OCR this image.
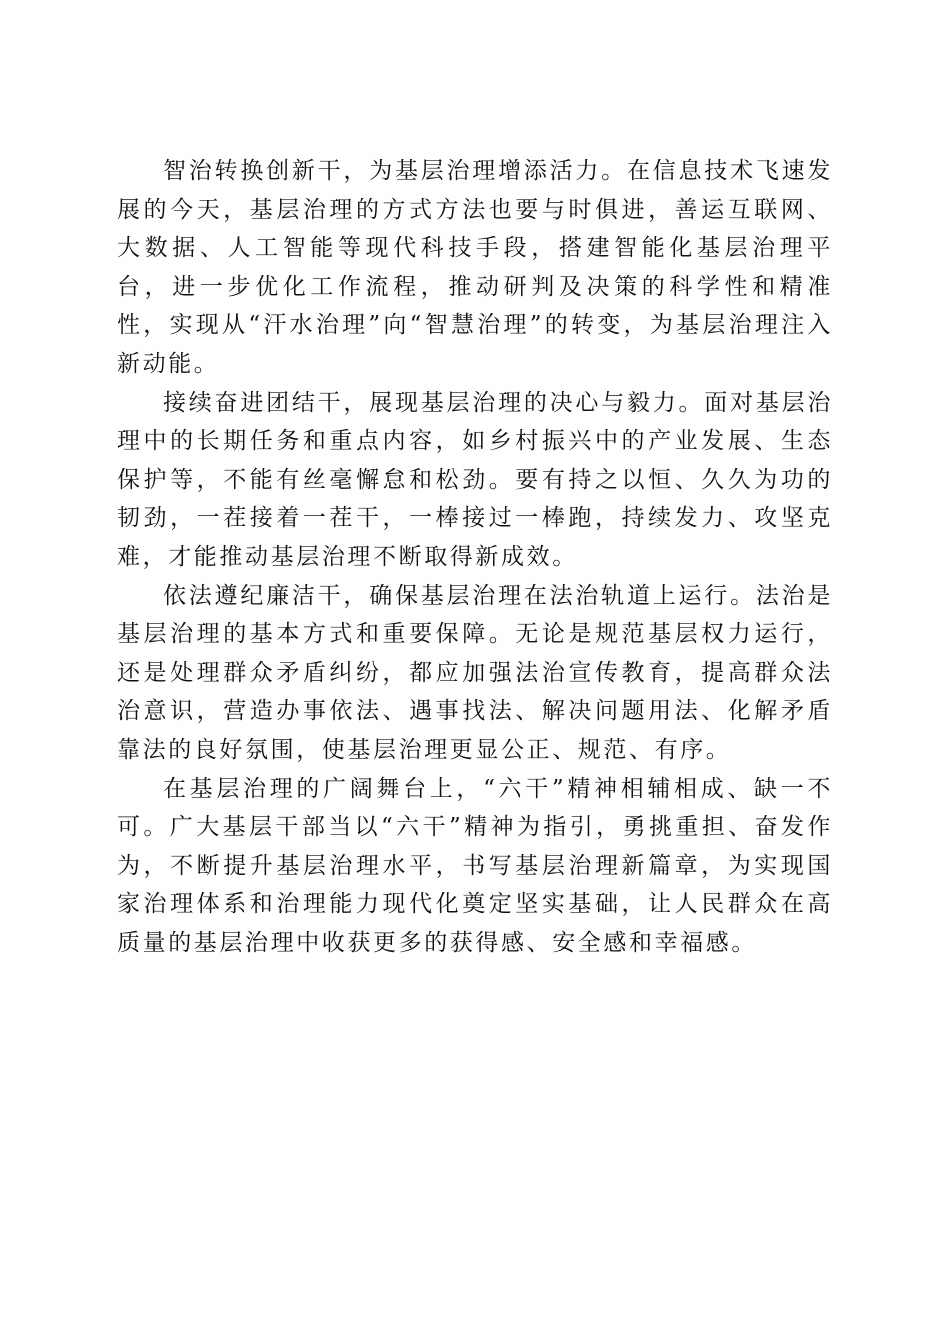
智治转换创新干，为基层治理增添活力。在信息技术飞速发展的今天，基层治理的方式方法也要与时俱进，善运互联网、大数据、人工智能等现代科技手段，搭建智能化基层治理平台，进一步优化工作流程，推动研判及决策的科学性和精准性，实现从“汗水治理”向“智慧治理”的转变，为基层治理注入新动能。

接续奋进团结干，展现基层治理的决心与毅力。面对基层治理中的长期任务和重点内容，如乡村振兴中的产业发展、生态保护等，不能有丝毫懈怠和松劲。要有持之以恒、久久为功的韧劲，一茬接着一茬干，一棒接过一棒跑，持续发力、攻坚克难，才能推动基层治理不断取得新成效。

依法遵纪廉洁干，确保基层治理在法治轨道上运行。法治是基层治理的基本方式和重要保障。无论是规范基层权力运行，还是处理群众矛盾纠纷，都应加强法治宣传教育，提高群众法治意识，营造办事依法、遇事找法、解决问题用法、化解矛盾靠法的良好氛围，使基层治理更显公正、规范、有序。

在基层治理的广阔舞台上，“六干”精神相辅相成、缺一不可。广大基层干部当以“六干”精神为指引，勇挑重担、奋发作为，不断提升基层治理水平，书写基层治理新篇章，为实现国家治理体系和治理能力现代化奠定坚实基础，让人民群众在高质量的基层治理中收获更多的获得感、安全感和幸福感。
